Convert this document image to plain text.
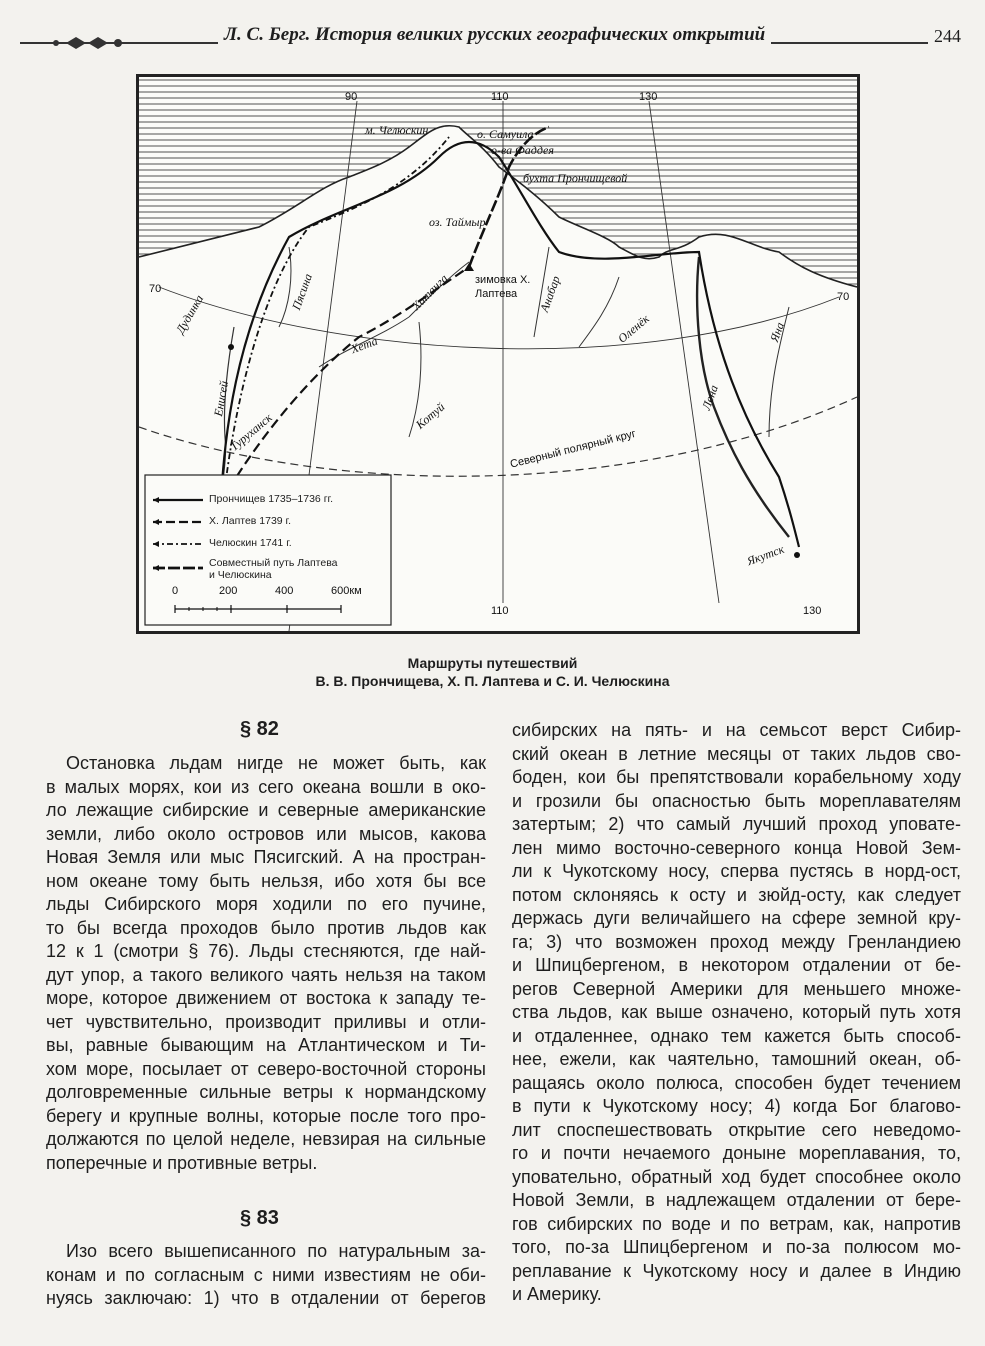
Л. С. Берг. История великих русских географических открытий	244
90	110	130
110	130
70
70
м. Челюскин	о. Самуила
о-ва Фаддея
бухта Прончищевой
оз. Таймыр
зимовка Х. Лаптева
Дудинка
Туруханск
Якутск
Северный полярный круг
Енисей
Пясина	Хатанга
Хета
Котуй
Анабар
Оленёк
Лена
Яна
Прончищев 1735–1736 гг.
Х. Лаптев 1739 г.
Челюскин 1741 г.
Совместный путь Лаптева
и Челюскина
0	200	400	600км
Маршруты путешествий
В. В. Прончищева, Х. П. Лаптева и С. И. Челюскина
§ 82
Остановка льдам нигде не может быть, как
в малых морях, кои из сего океана вошли в око-
ло лежащие сибирские и северные американские
земли, либо около островов или мысов, какова
Новая Земля или мыс Пясигский. А на простран-
ном океане тому быть нельзя, ибо хотя бы все
льды Сибирского моря ходили по его пучине,
то бы всегда проходов было против льдов как
12 к 1 (смотри § 76). Льды стесняются, где най-
дут упор, а такого великого чаять нельзя на таком
море, которое движением от востока к западу те-
чет чувствительно, производит приливы и отли-
вы, равные бывающим на Атлантическом и Ти-
хом море, посылает от северо-восточной стороны
долговременные сильные ветры к нормандскому
берегу и крупные волны, которые после того про-
должаются по целой неделе, невзирая на сильные
поперечные и противные ветры.
§ 83
Изо всего вышеписанного по натуральным за-
конам и по согласным с ними известиям не оби-
нуясь заключаю: 1) что в отдалении от берегов
сибирских на пять- и на семьсот верст Сибир-
ский океан в летние месяцы от таких льдов сво-
боден, кои бы препятствовали корабельному ходу
и грозили бы опасностью быть мореплавателям
затертым; 2) что самый лучший проход уповате-
лен мимо восточно-северного конца Новой Зем-
ли к Чукотскому носу, сперва пустясь в норд-ост,
потом склоняясь к осту и зюйд-осту, как следует
держась дуги величайшего на сфере земной кру-
га; 3) что возможен проход между Гренландиею
и Шпицбергеном, в некотором отдалении от бе-
регов Северной Америки для меньшего множе-
ства льдов, как выше означено, который путь хотя
и отдаленнее, однако тем кажется быть способ-
нее, ежели, как чаятельно, тамошний океан, об-
ращаясь около полюса, способен будет течением
в пути к Чукотскому носу; 4) когда Бог благово-
лит споспешествовать открытие сего неведомо-
го и почти нечаемого доныне мореплавания, то,
уповательно, обратный ход будет способнее около
Новой Земли, в надлежащем отдалении от бере-
гов сибирских по воде и по ветрам, как, напротив
того, по-за Шпицбергеном и по-за полюсом мо-
реплавание к Чукотскому носу и далее в Индию
и Америку.
